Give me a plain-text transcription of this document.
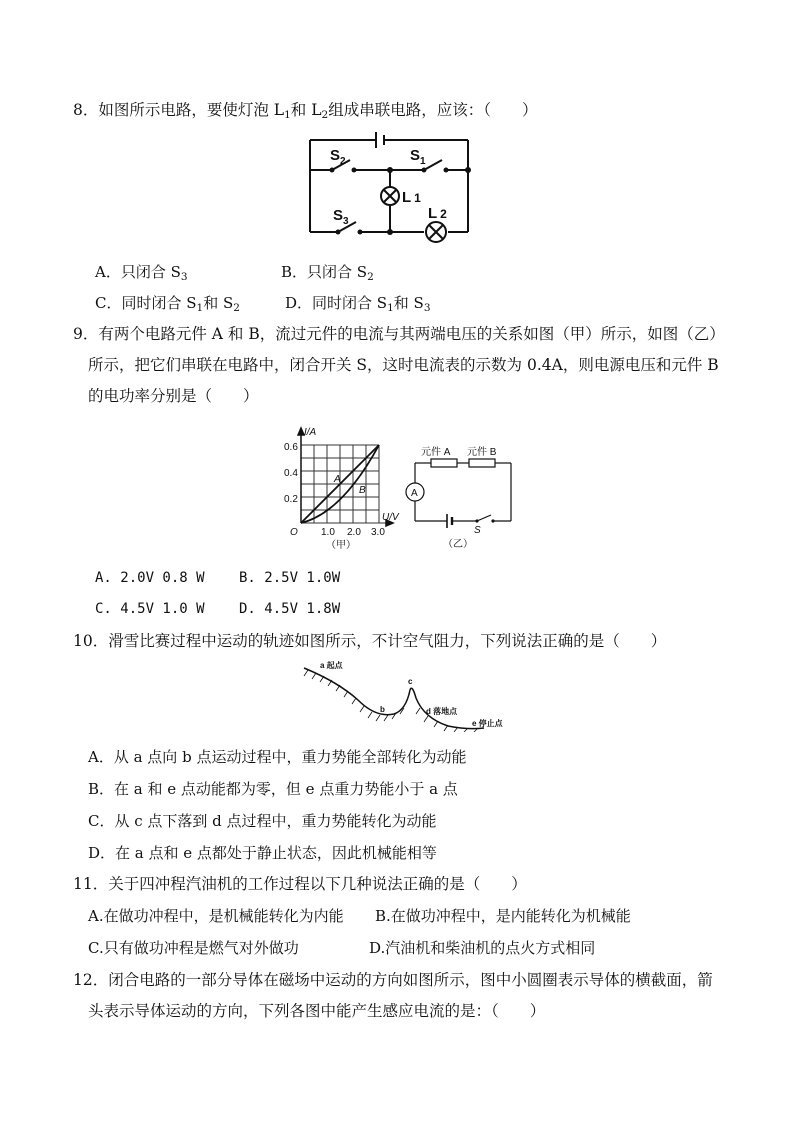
8．如图所示电路，要使灯泡 $L_1$和 $L_2$组成串联电路，应该：（　　）
$S_2$	$S_1$
$S_3$
L 1
L 2
A．只闭合 $S_3$	B．只闭合 $S_2$
C．同时闭合 $S_1$和 $S_2$	D．同时闭合 $S_1$和 $S_3$
9．有两个电路元件 A 和 B，流过元件的电流与其两端电压的关系如图（甲）所示，如图（乙）
所示，把它们串联在电路中，闭合开关 S，这时电流表的示数为 0.4A，则电源电压和元件 B
的电功率分别是（　　）
I/A
U/V
O
0.2
0.4
0.6
1.0 2.0 3.0
A
B
（甲）
A
元件 A 元件 B
S
（乙）
A. 2.0V 0.8 W B. 2.5V 1.0W
C. 4.5V 1.0 W D. 4.5V 1.8W
10．滑雪比赛过程中运动的轨迹如图所示，不计空气阻力，下列说法正确的是（　　）
a 起点
b
c
d 落地点
e 停止点
A．从 a 点向 b 点运动过程中，重力势能全部转化为动能
B．在 a 和 e 点动能都为零，但 e 点重力势能小于 a 点
C．从 c 点下落到 d 点过程中，重力势能转化为动能
D．在 a 点和 e 点都处于静止状态，因此机械能相等
11．关于四冲程汽油机的工作过程以下几种说法正确的是（　　）
A.在做功冲程中，是机械能转化为内能 B.在做功冲程中，是内能转化为机械能
C.只有做功冲程是燃气对外做功	D.汽油机和柴油机的点火方式相同
12．闭合电路的一部分导体在磁场中运动的方向如图所示，图中小圆圈表示导体的横截面，箭
头表示导体运动的方向，下列各图中能产生感应电流的是：（　　）
